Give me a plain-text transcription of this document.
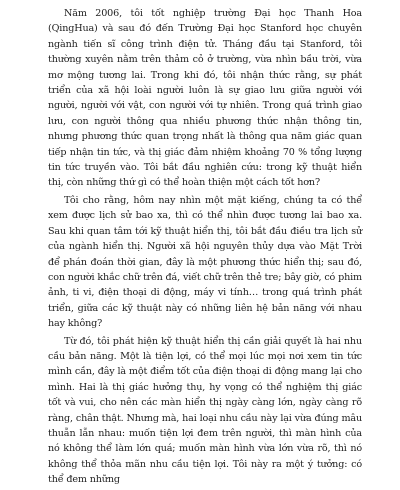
Năm 2006, tôi tốt nghiệp trường Đại học Thanh Hoa (QingHua) và sau đó đến Trường Đại học Stanford học chuyên ngành tiến sĩ công trình điện tử. Tháng đầu tại Stanford, tôi thường xuyên nằm trên thảm cỏ ở trường, vừa nhìn bầu trời, vừa mơ mộng tương lai. Trong khi đó, tôi nhận thức rằng, sự phát triển của xã hội loài người luôn là sự giao lưu giữa người với người, người với vật, con người với tự nhiên. Trong quá trình giao lưu, con người thông qua nhiều phương thức nhận thông tin, nhưng phương thức quan trọng nhất là thông qua năm giác quan tiếp nhận tin tức, và thị giác đảm nhiệm khoảng 70 % tổng lượng tin tức truyền vào. Tôi bắt đầu nghiên cứu: trong kỹ thuật hiển thị, còn những thứ gì có thể hoàn thiện một cách tốt hơn?

Tôi cho rằng, hôm nay nhìn một mặt kiếng, chúng ta có thể xem được lịch sử bao xa, thì có thể nhìn được tương lai bao xa. Sau khi quan tâm tới kỹ thuật hiển thị, tôi bắt đầu điều tra lịch sử của ngành hiển thị. Người xã hội nguyên thủy dựa vào Mặt Trời để phán đoán thời gian, đây là một phương thức hiển thị; sau đó, con người khắc chữ trên đá, viết chữ trên thẻ tre; bây giờ, có phim ảnh, ti vi, điện thoại di động, máy vi tính… trong quá trình phát triển, giữa các kỹ thuật này có những liên hệ bản năng với nhau hay không?

Từ đó, tôi phát hiện kỹ thuật hiển thị cần giải quyết là hai nhu cầu bản năng. Một là tiện lợi, có thể mọi lúc mọi nơi xem tin tức mình cần, đây là một điểm tốt của điện thoại di động mang lại cho mình. Hai là thị giác hưởng thụ, hy vọng có thể nghiệm thị giác tốt và vui, cho nên các màn hiển thị ngày càng lớn, ngày càng rõ ràng, chân thật. Nhưng mà, hai loại nhu cầu này lại vừa đúng mâu thuẫn lẫn nhau: muốn tiện lợi đem trên người, thì màn hình của nó không thể làm lớn quá; muốn màn hình vừa lớn vừa rõ, thì nó không thể thỏa mãn nhu cầu tiện lợi. Tôi này ra một ý tưởng: có thể đem những
